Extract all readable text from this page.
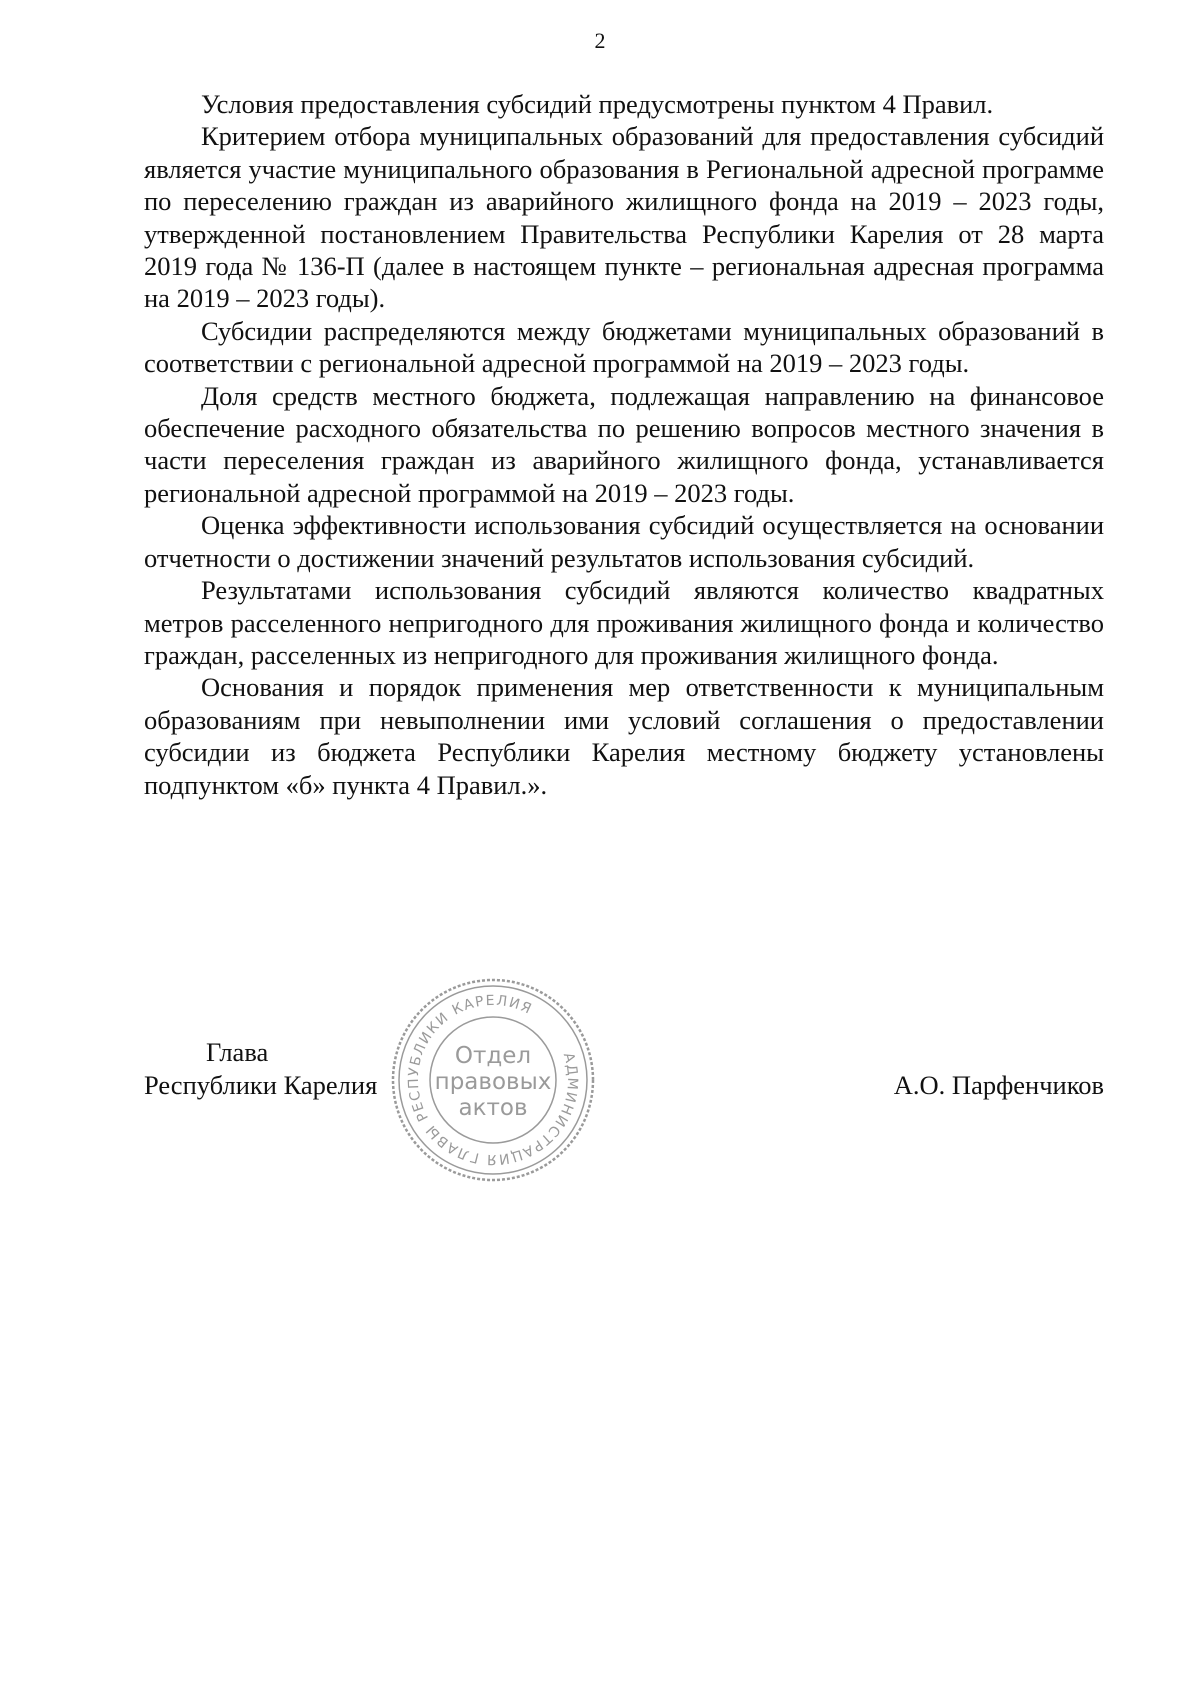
2

Условия предоставления субсидий предусмотрены пунктом 4 Правил.

Критерием отбора муниципальных образований для предоставления субсидий является участие муниципального образования в Региональной адресной программе по переселению граждан из аварийного жилищного фонда на 2019 – 2023 годы, утвержденной постановлением Правительства Республики Карелия от 28 марта 2019 года № 136-П (далее в настоящем пункте – региональная адресная программа на 2019 – 2023 годы).

Субсидии распределяются между бюджетами муниципальных образований в соответствии с региональной адресной программой на 2019 – 2023 годы.

Доля средств местного бюджета, подлежащая направлению на финансовое обеспечение расходного обязательства по решению вопросов местного значения в части переселения граждан из аварийного жилищного фонда, устанавливается региональной адресной программой на 2019 – 2023 годы.

Оценка эффективности использования субсидий осуществляется на основании отчетности о достижении значений результатов использования субсидий.

Результатами использования субсидий являются количество квадратных метров расселенного непригодного для проживания жилищного фонда и количество граждан, расселенных из непригодного для проживания жилищного фонда.

Основания и порядок применения мер ответственности к муниципальным образованиям при невыполнении ими условий соглашения о предоставлении субсидии из бюджета Республики Карелия местному бюджету установлены подпунктом «б» пункта 4 Правил.».

Глава
Республики Карелия	А.О. Парфенчиков
АДМИНИСТРАЦИЯ ГЛАВЫ РЕСПУБЛИКИ КАРЕЛИЯ
Отдел
правовых
актов
